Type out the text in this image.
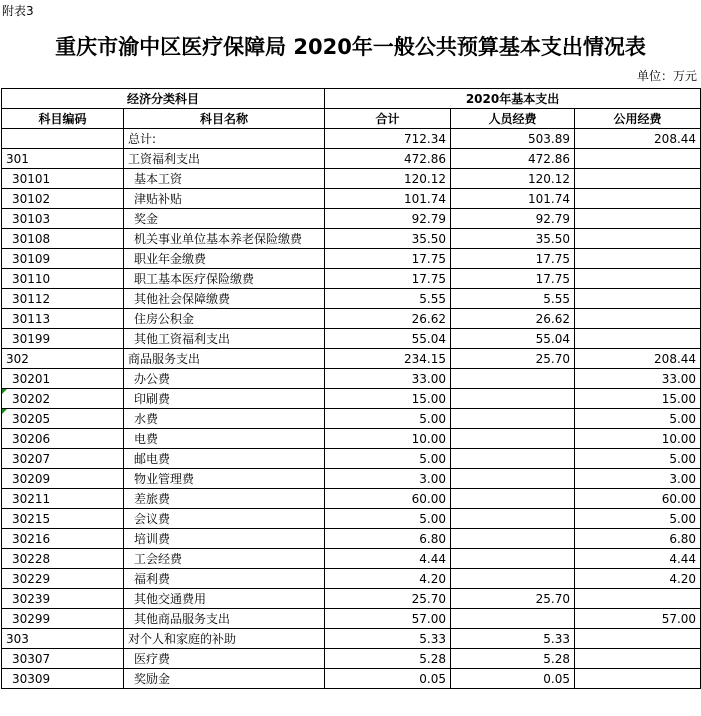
附表3
重庆市渝中区医疗保障局 2020年一般公共预算基本支出情况表
单位：万元
经济分类科目		2020年基本支出		
科目编码	科目名称	合计	人员经费	公用经费
	总计:	712.34	503.89	208.44
301	工资福利支出	472.86	472.86	
30101	基本工资	120.12	120.12	
30102	津贴补贴	101.74	101.74	
30103	奖金	92.79	92.79	
30108	机关事业单位基本养老保险缴费	35.50	35.50	
30109	职业年金缴费	17.75	17.75	
30110	职工基本医疗保险缴费	17.75	17.75	
30112	其他社会保障缴费	5.55	5.55	
30113	住房公积金	26.62	26.62	
30199	其他工资福利支出	55.04	55.04	
302	商品服务支出	234.15	25.70	208.44
30201	办公费	33.00		33.00
30202	印刷费	15.00		15.00
30205	水费	5.00		5.00
30206	电费	10.00		10.00
30207	邮电费	5.00		5.00
30209	物业管理费	3.00		3.00
30211	差旅费	60.00		60.00
30215	会议费	5.00		5.00
30216	培训费	6.80		6.80
30228	工会经费	4.44		4.44
30229	福利费	4.20		4.20
30239	其他交通费用	25.70	25.70	
30299	其他商品服务支出	57.00		57.00
303	对个人和家庭的补助	5.33	5.33	
30307	医疗费	5.28	5.28	
30309	奖励金	0.05	0.05	
